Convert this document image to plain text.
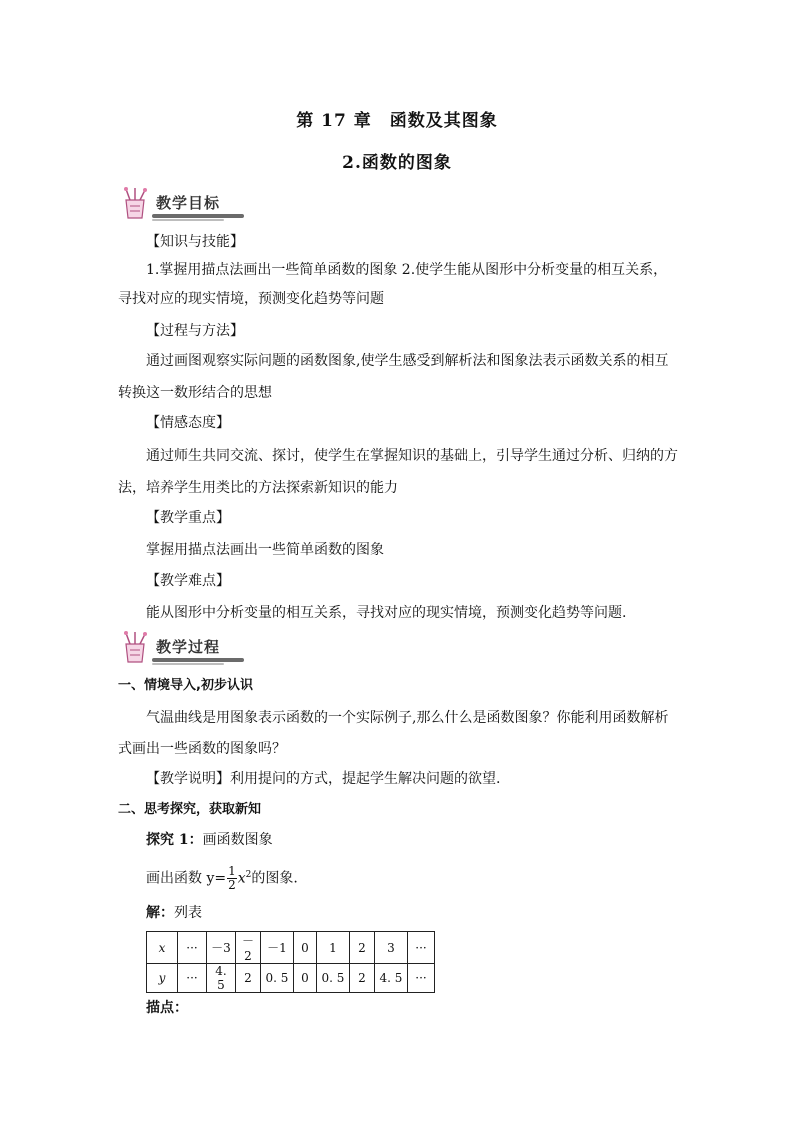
第 17 章　函数及其图象
2.函数的图象
教学目标
【知识与技能】
1.掌握用描点法画出一些简单函数的图象 2.使学生能从图形中分析变量的相互关系，
寻找对应的现实情境，预测变化趋势等问题
【过程与方法】
通过画图观察实际问题的函数图象,使学生感受到解析法和图象法表示函数关系的相互
转换这一数形结合的思想
【情感态度】
通过师生共同交流、探讨，使学生在掌握知识的基础上，引导学生通过分析、归纳的方
法，培养学生用类比的方法探索新知识的能力
【教学重点】
掌握用描点法画出一些简单函数的图象
【教学难点】
能从图形中分析变量的相互关系，寻找对应的现实情境，预测变化趋势等问题.
教学过程
一、情境导入,初步认识
气温曲线是用图象表示函数的一个实际例子,那么什么是函数图象？你能利用函数解析
式画出一些函数的图象吗？
【教学说明】利用提问的方式，提起学生解决问题的欲望.
二、思考探究，获取新知
探究 1：画函数图象
画出函数 $y= \frac{1}{2} x^2$的图象.
解：列表
x	···	－3	－2	－1	0	1	2	3	···
y	···	4. 5	2	0. 5	0	0. 5	2	4. 5	···
描点：
